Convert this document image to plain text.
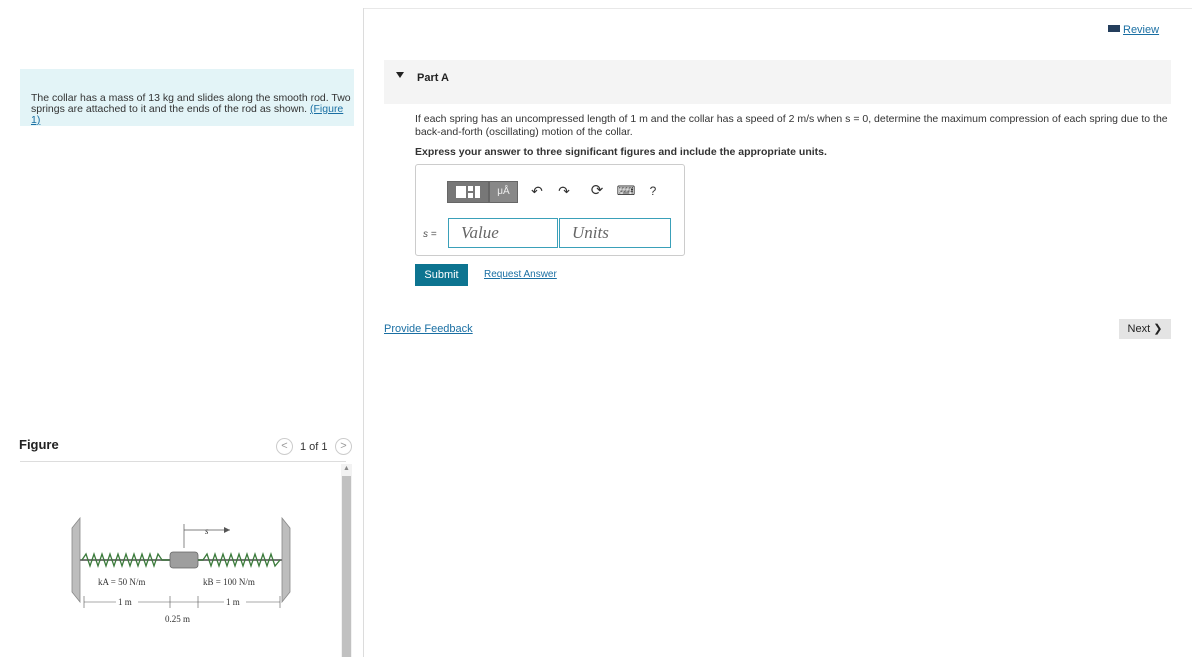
The collar has a mass of 13 kg and slides along the smooth rod. Two springs are attached to it and the ends of the rod as shown. (Figure 1)
Figure	<	1 of 1	>
s
kA = 50 N/m	kB = 100 N/m
1 m	1 m
0.25 m
▲
Review
Part A
If each spring has an uncompressed length of 1 m and the collar has a speed of 2 m/s when s = 0, determine the maximum compression of each spring due to the back-and-forth (oscillating) motion of the collar.
Express your answer to three significant figures and include the appropriate units.
μÅ	↶ ↷ ⟳ ⌨ ?
s =	Value	Units
Submit	Request Answer
Provide Feedback	Next ❯
